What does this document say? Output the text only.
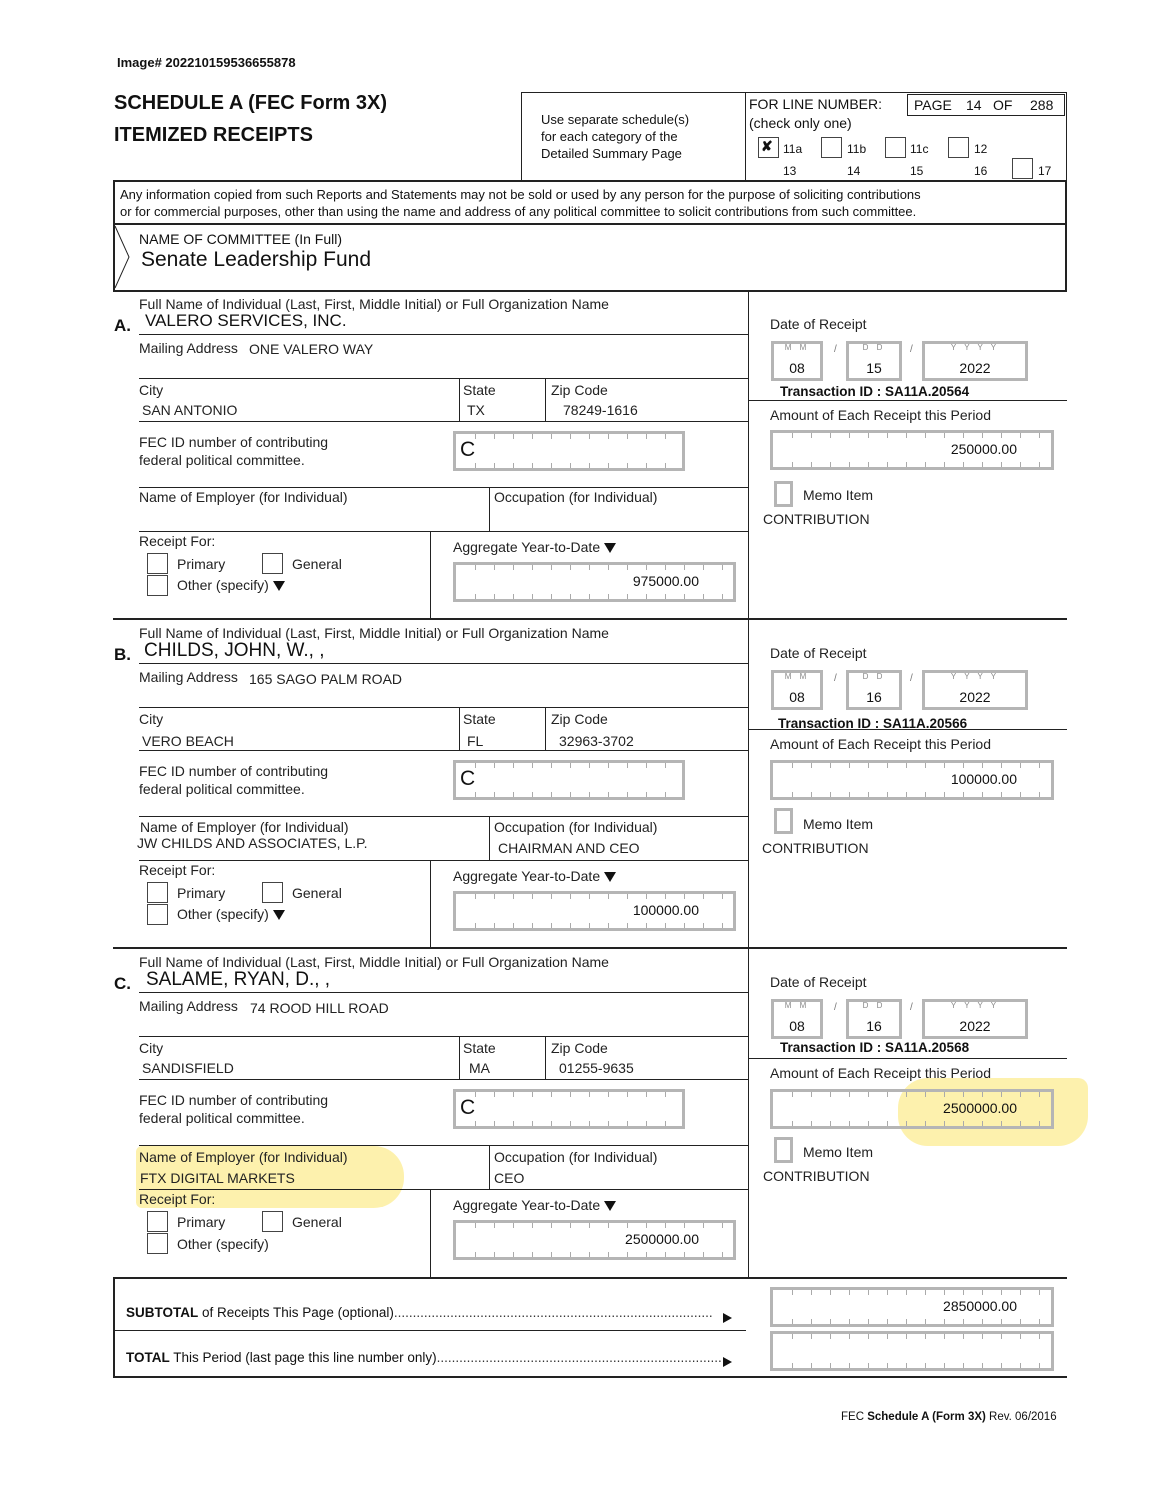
Image# 202210159536655878
SCHEDULE A (FEC Form 3X)
ITEMIZED RECEIPTS
Use separate schedule(s)
for each category of the
Detailed Summary Page
FOR LINE NUMBER:
(check only one)
PAGE 14 OF 288
✘ 11a	11b	11c	12
13	14	15	16	17
Any information copied from such Reports and Statements may not be sold or used by any person for the purpose of soliciting contributions
or for commercial purposes, other than using the name and address of any political committee to solicit contributions from such committee.
NAME OF COMMITTEE (In Full)
Senate Leadership Fund
Full Name of Individual (Last, First, Middle Initial) or Full Organization Name
A. VALERO SERVICES, INC.
Mailing Address ONE VALERO WAY
City
SAN ANTONIO
State
TX
Zip Code
78249-1616
FEC ID number of contributing
federal political committee.	C
Name of Employer (for Individual)	Occupation (for Individual)
Receipt For:
Primary	General
Other (specify)
Aggregate Year-to-Date
975000.00
Date of Receipt
M M
08
/	D D
15
/	Y Y Y Y
2022
Transaction ID : SA11A.20564
Amount of Each Receipt this Period
250000.00
Memo Item
CONTRIBUTION
Full Name of Individual (Last, First, Middle Initial) or Full Organization Name
B. CHILDS, JOHN, W., ,
Mailing Address 165 SAGO PALM ROAD
City
VERO BEACH
State
FL
Zip Code
32963-3702
FEC ID number of contributing
federal political committee.	C
Name of Employer (for Individual)
JW CHILDS AND ASSOCIATES, L.P.
Occupation (for Individual)
CHAIRMAN AND CEO
Receipt For:
Primary	General
Other (specify)
Aggregate Year-to-Date
100000.00
Date of Receipt
M M
08
/	D D
16
/	Y Y Y Y
2022
Transaction ID : SA11A.20566
Amount of Each Receipt this Period
100000.00
Memo Item
CONTRIBUTION
Full Name of Individual (Last, First, Middle Initial) or Full Organization Name
C. SALAME, RYAN, D., ,
Mailing Address 74 ROOD HILL ROAD
City
SANDISFIELD
State
MA
Zip Code
01255-9635
FEC ID number of contributing
federal political committee.	C
Name of Employer (for Individual)
FTX DIGITAL MARKETS
Occupation (for Individual)
CEO
Receipt For:
Primary	General
Other (specify)
Aggregate Year-to-Date
2500000.00
Date of Receipt
M M
08
/	D D
16
/	Y Y Y Y
2022
Transaction ID : SA11A.20568
Amount of Each Receipt this Period
2500000.00
Memo Item
CONTRIBUTION
SUBTOTAL of Receipts This Page (optional).....................................................................................	2850000.00
TOTAL This Period (last page this line number only)..............................................................................
FEC Schedule A (Form 3X) Rev. 06/2016
